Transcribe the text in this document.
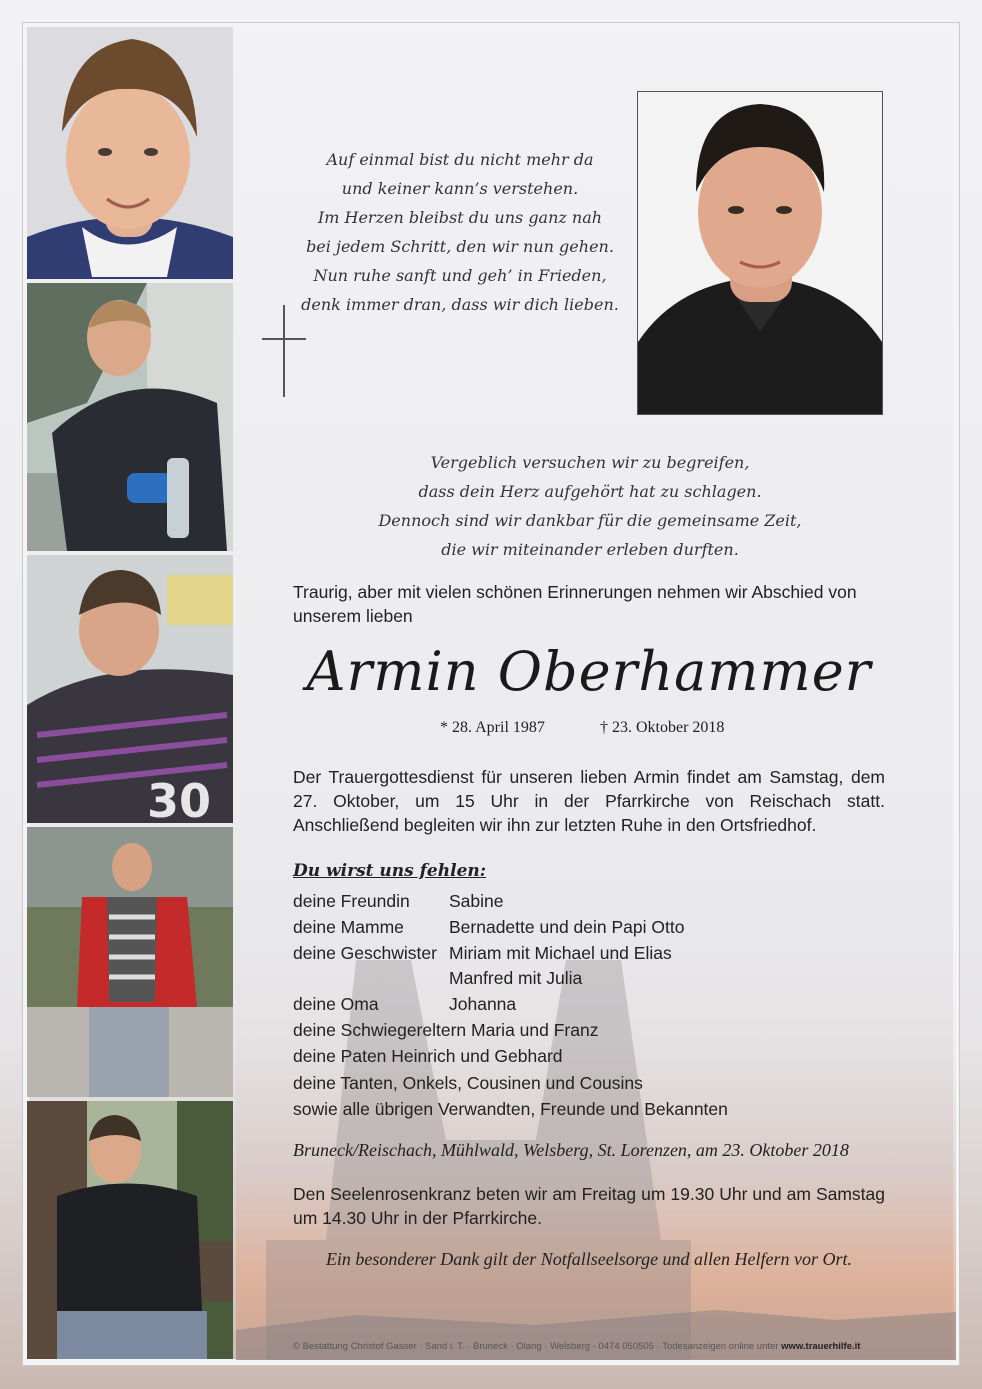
30
Auf einmal bist du nicht mehr da
und keiner kann’s verstehen.
Im Herzen bleibst du uns ganz nah
bei jedem Schritt, den wir nun gehen.
Nun ruhe sanft und geh’ in Frieden,
denk immer dran, dass wir dich lieben.
Vergeblich versuchen wir zu begreifen,
dass dein Herz aufgehört hat zu schlagen.
Dennoch sind wir dankbar für die gemeinsame Zeit,
die wir miteinander erleben durften.
Traurig, aber mit vielen schönen Erinnerungen nehmen wir Abschied von unserem lieben
Armin Oberhammer
* 28. April 1987	† 23. Oktober 2018
Der Trauergottesdienst für unseren lieben Armin findet am Samstag, dem 27. Oktober, um 15 Uhr in der Pfarrkirche von Reischach statt. Anschließend begleiten wir ihn zur letzten Ruhe in den Ortsfriedhof.
Du wirst uns fehlen:
deine Freundin Sabine
deine Mamme	Bernadette und dein Papi Otto
deine Geschwister Miriam mit Michael und Elias
Manfred mit Julia
deine Oma	Johanna
deine Schwiegereltern Maria und Franz
deine Paten Heinrich und Gebhard
deine Tanten, Onkels, Cousinen und Cousins
sowie alle übrigen Verwandten, Freunde und Bekannten
Bruneck/Reischach, Mühlwald, Welsberg, St. Lorenzen, am 23. Oktober 2018
Den Seelenrosenkranz beten wir am Freitag um 19.30 Uhr und am Samstag um 14.30 Uhr in der Pfarrkirche.
Ein besonderer Dank gilt der Notfallseelsorge und allen Helfern vor Ort.
© Bestattung Christof Gasser · Sand i. T. · Bruneck · Olang · Welsberg · 0474 050505 · Todesanzeigen online unter www.trauerhilfe.it
